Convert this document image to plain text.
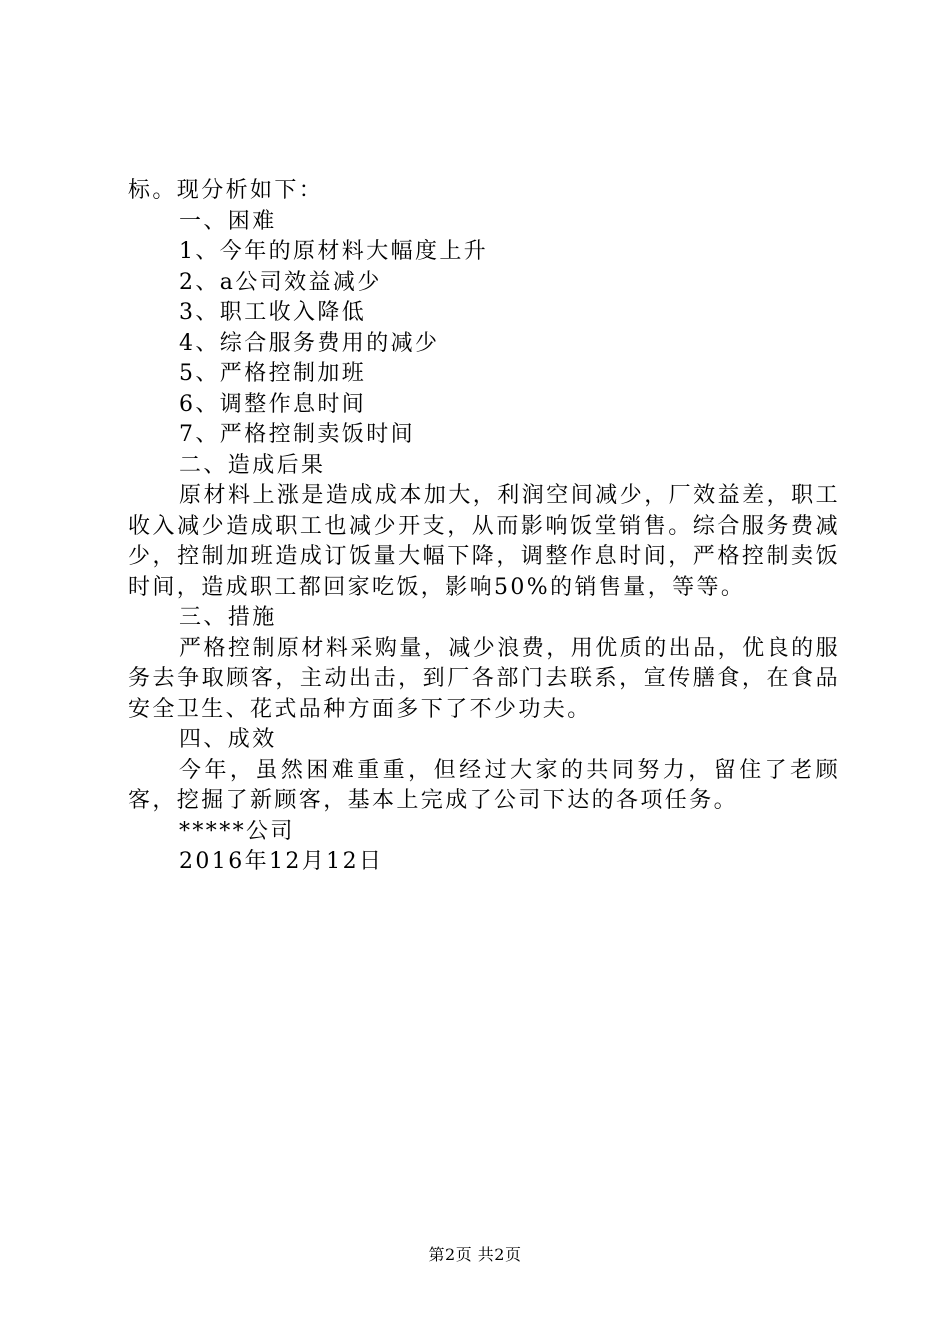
标。现分析如下：
一、困难
1、今年的原材料大幅度上升
2、a公司效益减少
3、职工收入降低
4、综合服务费用的减少
5、严格控制加班
6、调整作息时间
7、严格控制卖饭时间
二、造成后果
原材料上涨是造成成本加大，利润空间减少，厂效益差，职工收入减少造成职工也减少开支，从而影响饭堂销售。综合服务费减少，控制加班造成订饭量大幅下降，调整作息时间，严格控制卖饭时间，造成职工都回家吃饭，影响50%的销售量，等等。
三、措施
严格控制原材料采购量，减少浪费，用优质的出品，优良的服务去争取顾客，主动出击，到厂各部门去联系，宣传膳食，在食品安全卫生、花式品种方面多下了不少功夫。
四、成效
今年，虽然困难重重，但经过大家的共同努力，留住了老顾客，挖掘了新顾客，基本上完成了公司下达的各项任务。
*****公司
2016年12月12日
第2页 共2页
